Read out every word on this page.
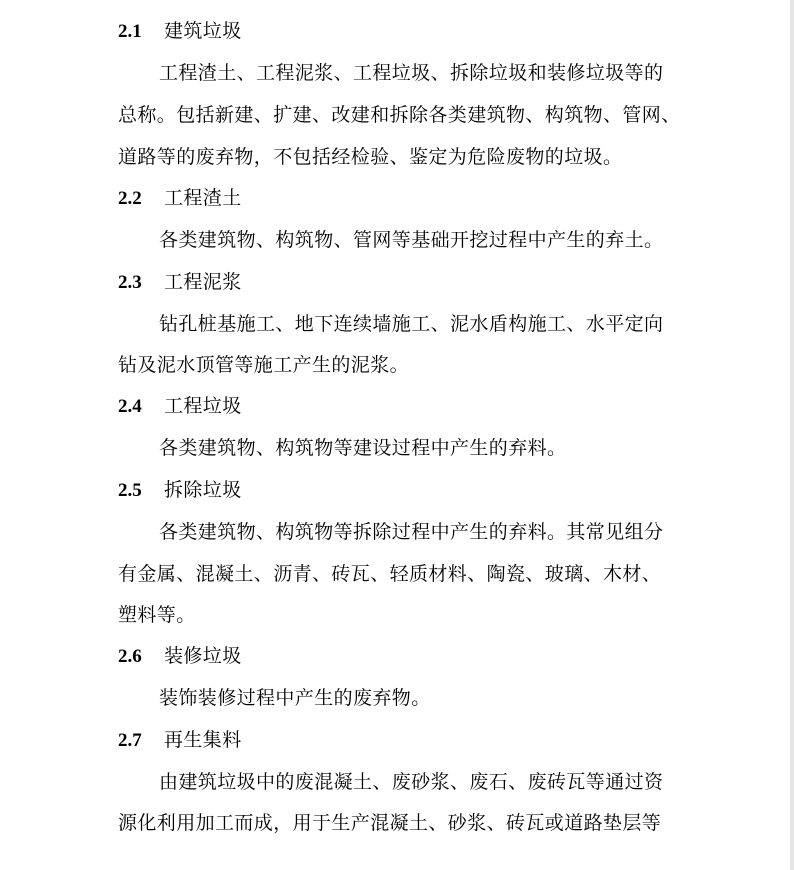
2.1 建筑垃圾
工程渣土、工程泥浆、工程垃圾、拆除垃圾和装修垃圾等的
总称。包括新建、扩建、改建和拆除各类建筑物、构筑物、管网、
道路等的废弃物，不包括经检验、鉴定为危险废物的垃圾。
2.2 工程渣土
各类建筑物、构筑物、管网等基础开挖过程中产生的弃土。
2.3 工程泥浆
钻孔桩基施工、地下连续墙施工、泥水盾构施工、水平定向
钻及泥水顶管等施工产生的泥浆。
2.4 工程垃圾
各类建筑物、构筑物等建设过程中产生的弃料。
2.5 拆除垃圾
各类建筑物、构筑物等拆除过程中产生的弃料。其常见组分
有金属、混凝土、沥青、砖瓦、轻质材料、陶瓷、玻璃、木材、
塑料等。
2.6 装修垃圾
装饰装修过程中产生的废弃物。
2.7 再生集料
由建筑垃圾中的废混凝土、废砂浆、废石、废砖瓦等通过资
源化利用加工而成，用于生产混凝土、砂浆、砖瓦或道路垫层等
